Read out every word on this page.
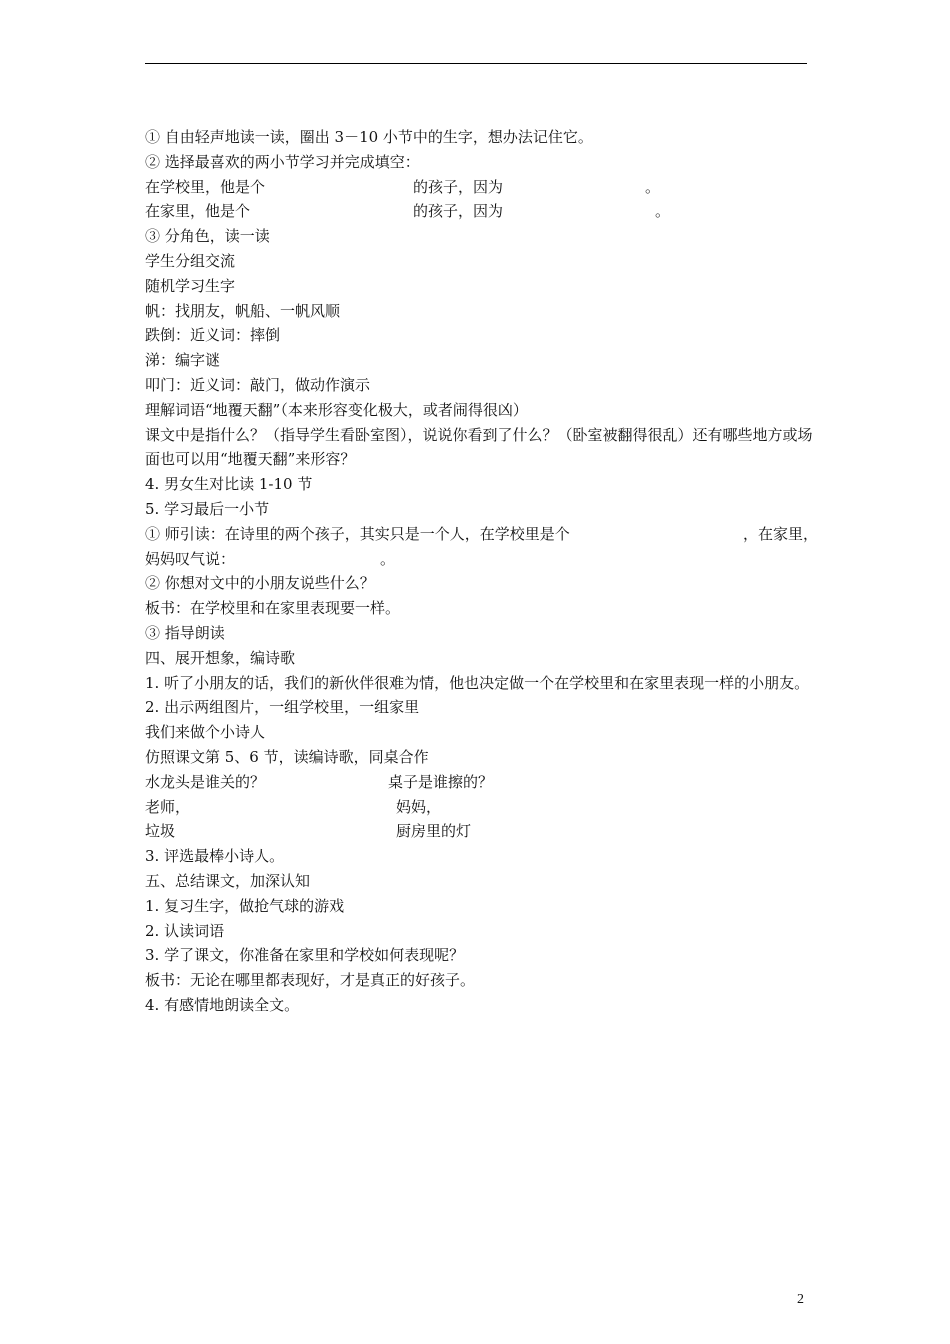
① 自由轻声地读一读，圈出 3－10 小节中的生字，想办法记住它。
② 选择最喜欢的两小节学习并完成填空：
在学校里，他是个	的孩子，因为	。
在家里，他是个	的孩子，因为	。
③ 分角色，读一读
学生分组交流
随机学习生字
帆：找朋友，帆船、一帆风顺
跌倒：近义词：摔倒
涕：编字谜
叩门：近义词：敲门，做动作演示
理解词语“地覆天翻”（本来形容变化极大，或者闹得很凶）
课文中是指什么？（指导学生看卧室图），说说你看到了什么？（卧室被翻得很乱）还有哪些地方或场面也可以用“地覆天翻”来形容？
4. 男女生对比读 1-10 节
5. 学习最后一小节
① 师引读：在诗里的两个孩子，其实只是一个人，在学校里是个	，在家里，
妈妈叹气说：	。
② 你想对文中的小朋友说些什么？
板书：在学校里和在家里表现要一样。
③ 指导朗读
四、展开想象，编诗歌
1. 听了小朋友的话，我们的新伙伴很难为情，他也决定做一个在学校里和在家里表现一样的小朋友。
2. 出示两组图片，一组学校里，一组家里
我们来做个小诗人
仿照课文第 5、6 节，读编诗歌，同桌合作
水龙头是谁关的？	桌子是谁擦的？
老师，	妈妈，
垃圾	厨房里的灯
3. 评选最棒小诗人。
五、总结课文，加深认知
1. 复习生字，做抢气球的游戏
2. 认读词语
3. 学了课文，你准备在家里和学校如何表现呢？
板书：无论在哪里都表现好，才是真正的好孩子。
4. 有感情地朗读全文。
2
